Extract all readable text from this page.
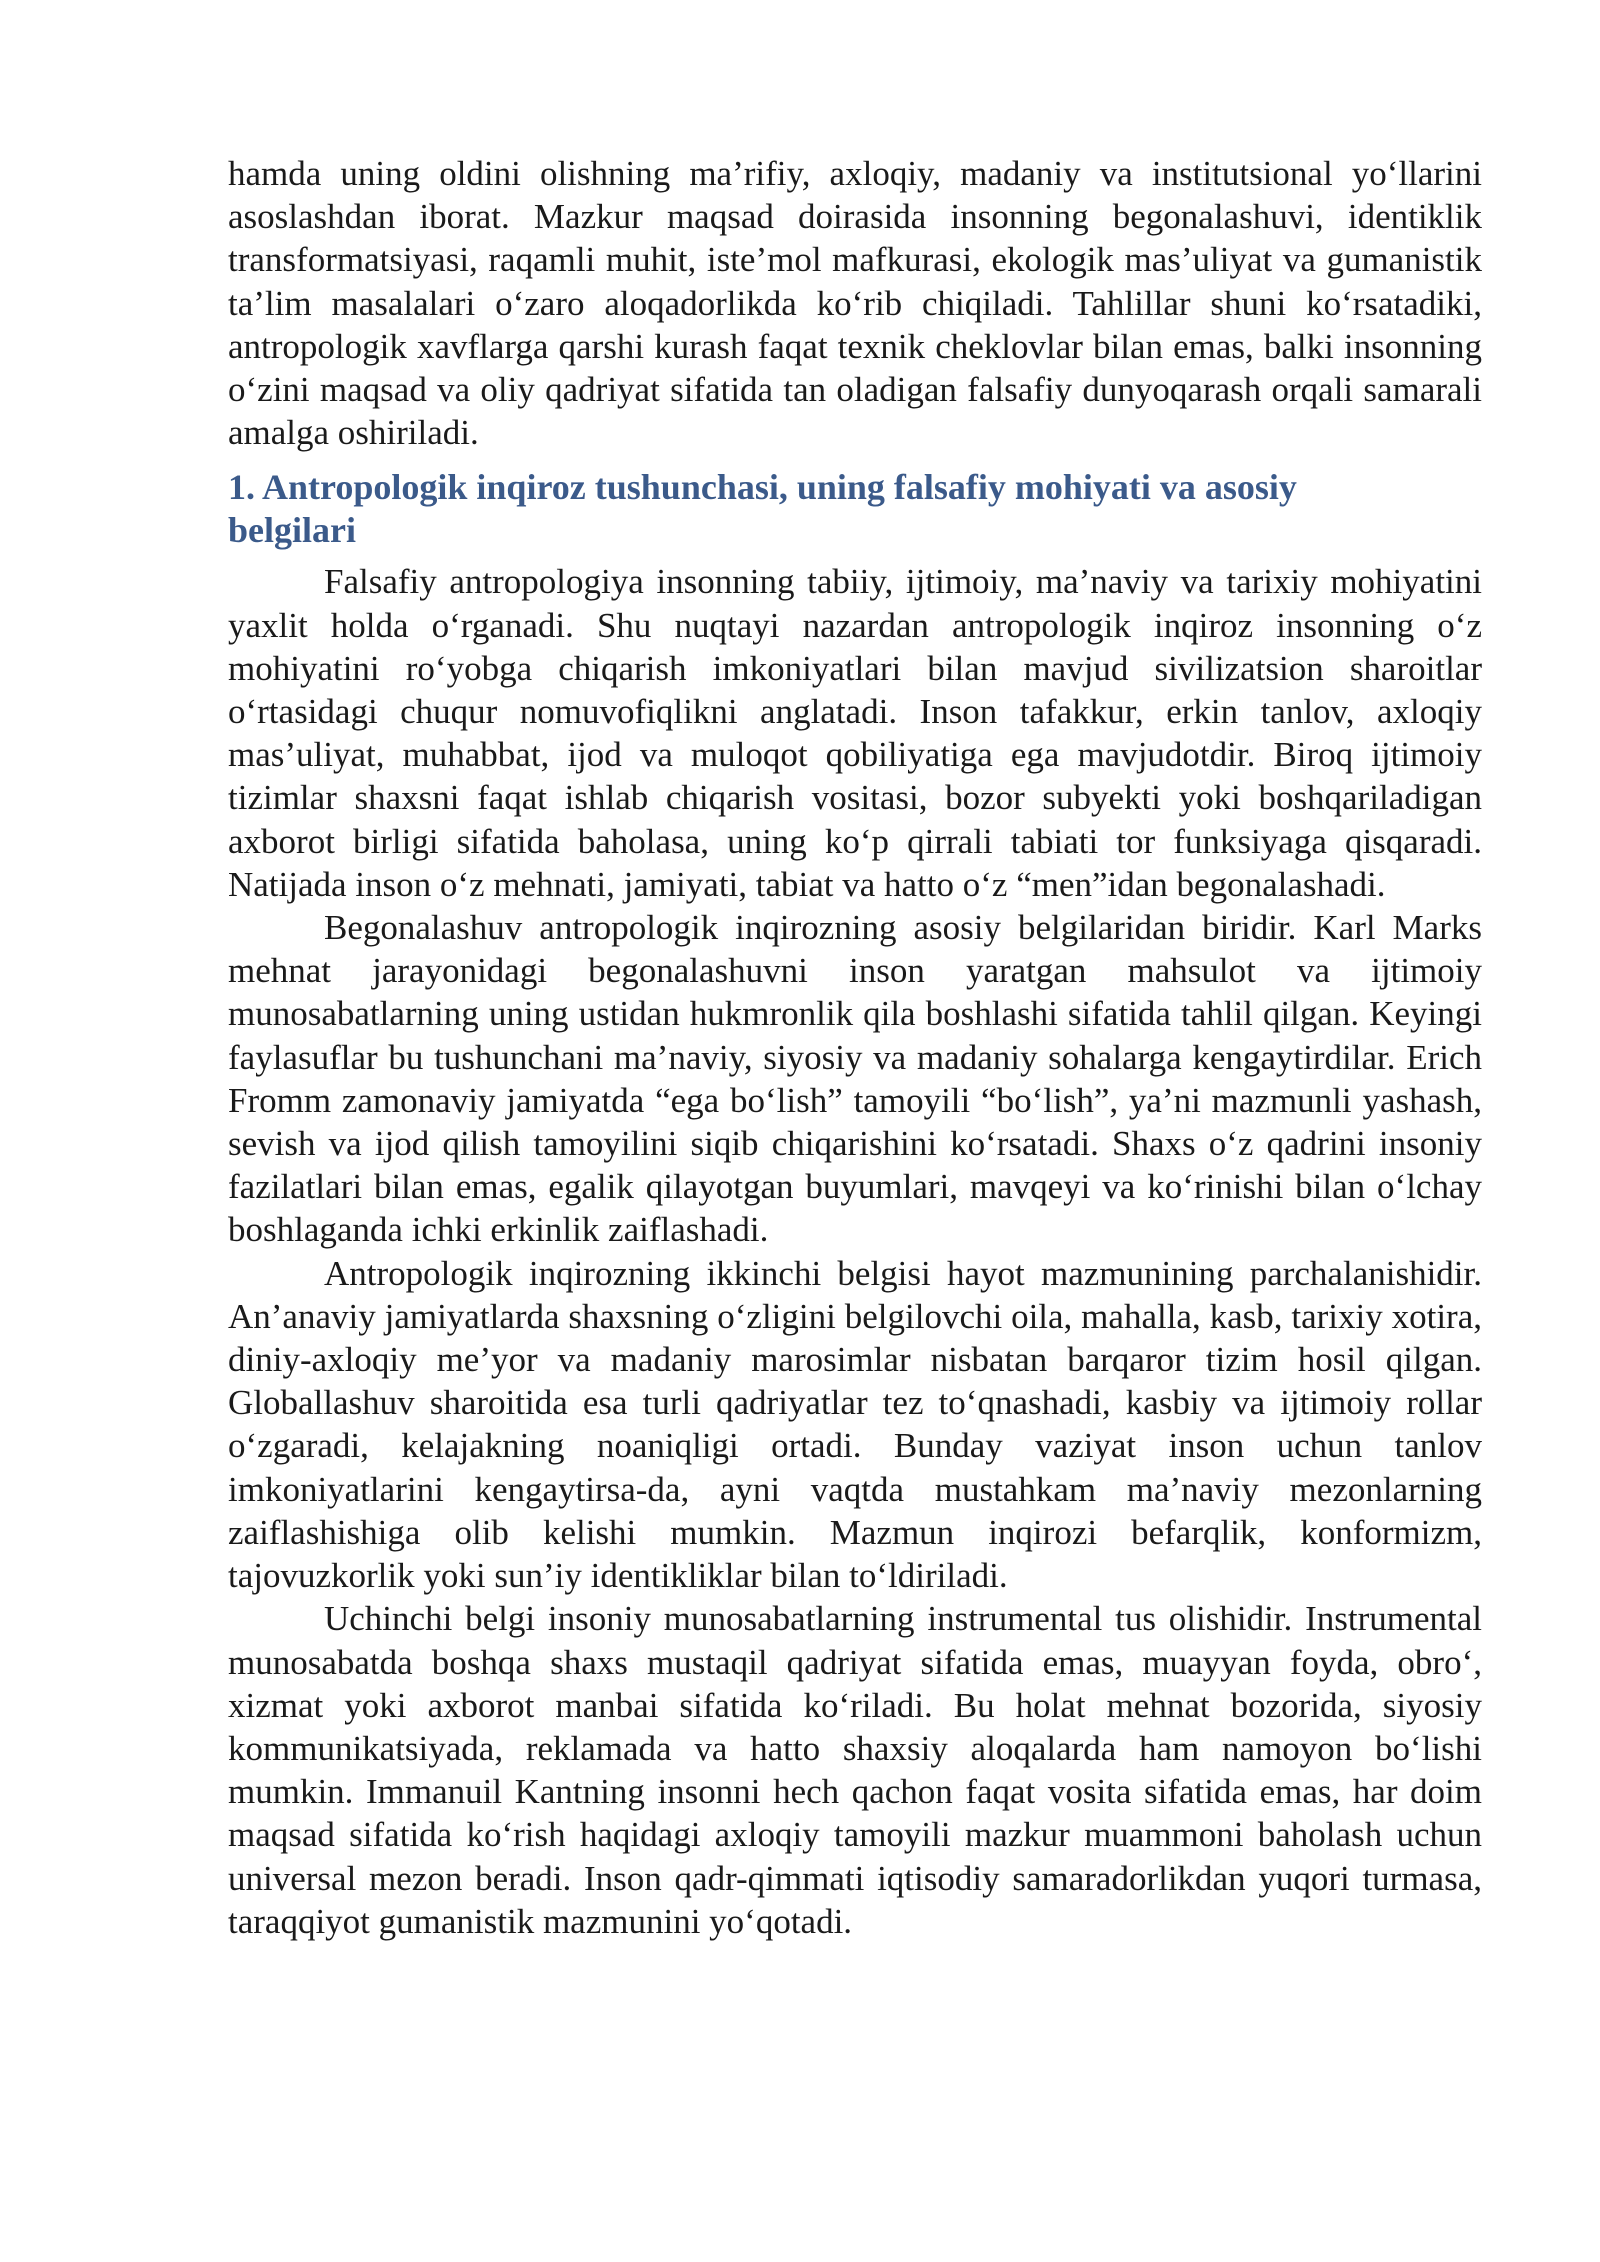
hamda uning oldini olishning ma’rifiy, axloqiy, madaniy va institutsional yo‘llarini asoslashdan iborat. Mazkur maqsad doirasida insonning begonalashuvi, identiklik transformatsiyasi, raqamli muhit, iste’mol mafkurasi, ekologik mas’uliyat va gumanistik ta’lim masalalari o‘zaro aloqadorlikda ko‘rib chiqiladi. Tahlillar shuni ko‘rsatadiki, antropologik xavflarga qarshi kurash faqat texnik cheklovlar bilan emas, balki insonning o‘zini maqsad va oliy qadriyat sifatida tan oladigan falsafiy dunyoqarash orqali samarali amalga oshiriladi.

1. Antropologik inqiroz tushunchasi, uning falsafiy mohiyati va asosiy belgilari

Falsafiy antropologiya insonning tabiiy, ijtimoiy, ma’naviy va tarixiy mohiyatini yaxlit holda o‘rganadi. Shu nuqtayi nazardan antropologik inqiroz insonning o‘z mohiyatini ro‘yobga chiqarish imkoniyatlari bilan mavjud sivilizatsion sharoitlar o‘rtasidagi chuqur nomuvofiqlikni anglatadi. Inson tafakkur, erkin tanlov, axloqiy mas’uliyat, muhabbat, ijod va muloqot qobiliyatiga ega mavjudotdir. Biroq ijtimoiy tizimlar shaxsni faqat ishlab chiqarish vositasi, bozor subyekti yoki boshqariladigan axborot birligi sifatida baholasa, uning ko‘p qirrali tabiati tor funksiyaga qisqaradi. Natijada inson o‘z mehnati, jamiyati, tabiat va hatto o‘z “men”idan begonalashadi.

Begonalashuv antropologik inqirozning asosiy belgilaridan biridir. Karl Marks mehnat jarayonidagi begonalashuvni inson yaratgan mahsulot va ijtimoiy munosabatlarning uning ustidan hukmronlik qila boshlashi sifatida tahlil qilgan. Keyingi faylasuflar bu tushunchani ma’naviy, siyosiy va madaniy sohalarga kengaytirdilar. Erich Fromm zamonaviy jamiyatda “ega bo‘lish” tamoyili “bo‘lish”, ya’ni mazmunli yashash, sevish va ijod qilish tamoyilini siqib chiqarishini ko‘rsatadi. Shaxs o‘z qadrini insoniy fazilatlari bilan emas, egalik qilayotgan buyumlari, mavqeyi va ko‘rinishi bilan o‘lchay boshlaganda ichki erkinlik zaiflashadi.

Antropologik inqirozning ikkinchi belgisi hayot mazmunining parchalanishidir. An’anaviy jamiyatlarda shaxsning o‘zligini belgilovchi oila, mahalla, kasb, tarixiy xotira, diniy-axloqiy me’yor va madaniy marosimlar nisbatan barqaror tizim hosil qilgan. Globallashuv sharoitida esa turli qadriyatlar tez to‘qnashadi, kasbiy va ijtimoiy rollar o‘zgaradi, kelajakning noaniqligi ortadi. Bunday vaziyat inson uchun tanlov imkoniyatlarini kengaytirsa-da, ayni vaqtda mustahkam ma’naviy mezonlarning zaiflashishiga olib kelishi mumkin. Mazmun inqirozi befarqlik, konformizm, tajovuzkorlik yoki sun’iy identikliklar bilan to‘ldiriladi.

Uchinchi belgi insoniy munosabatlarning instrumental tus olishidir. Instrumental munosabatda boshqa shaxs mustaqil qadriyat sifatida emas, muayyan foyda, obro‘, xizmat yoki axborot manbai sifatida ko‘riladi. Bu holat mehnat bozorida, siyosiy kommunikatsiyada, reklamada va hatto shaxsiy aloqalarda ham namoyon bo‘lishi mumkin. Immanuil Kantning insonni hech qachon faqat vosita sifatida emas, har doim maqsad sifatida ko‘rish haqidagi axloqiy tamoyili mazkur muammoni baholash uchun universal mezon beradi. Inson qadr-qimmati iqtisodiy samaradorlikdan yuqori turmasa, taraqqiyot gumanistik mazmunini yo‘qotadi.
